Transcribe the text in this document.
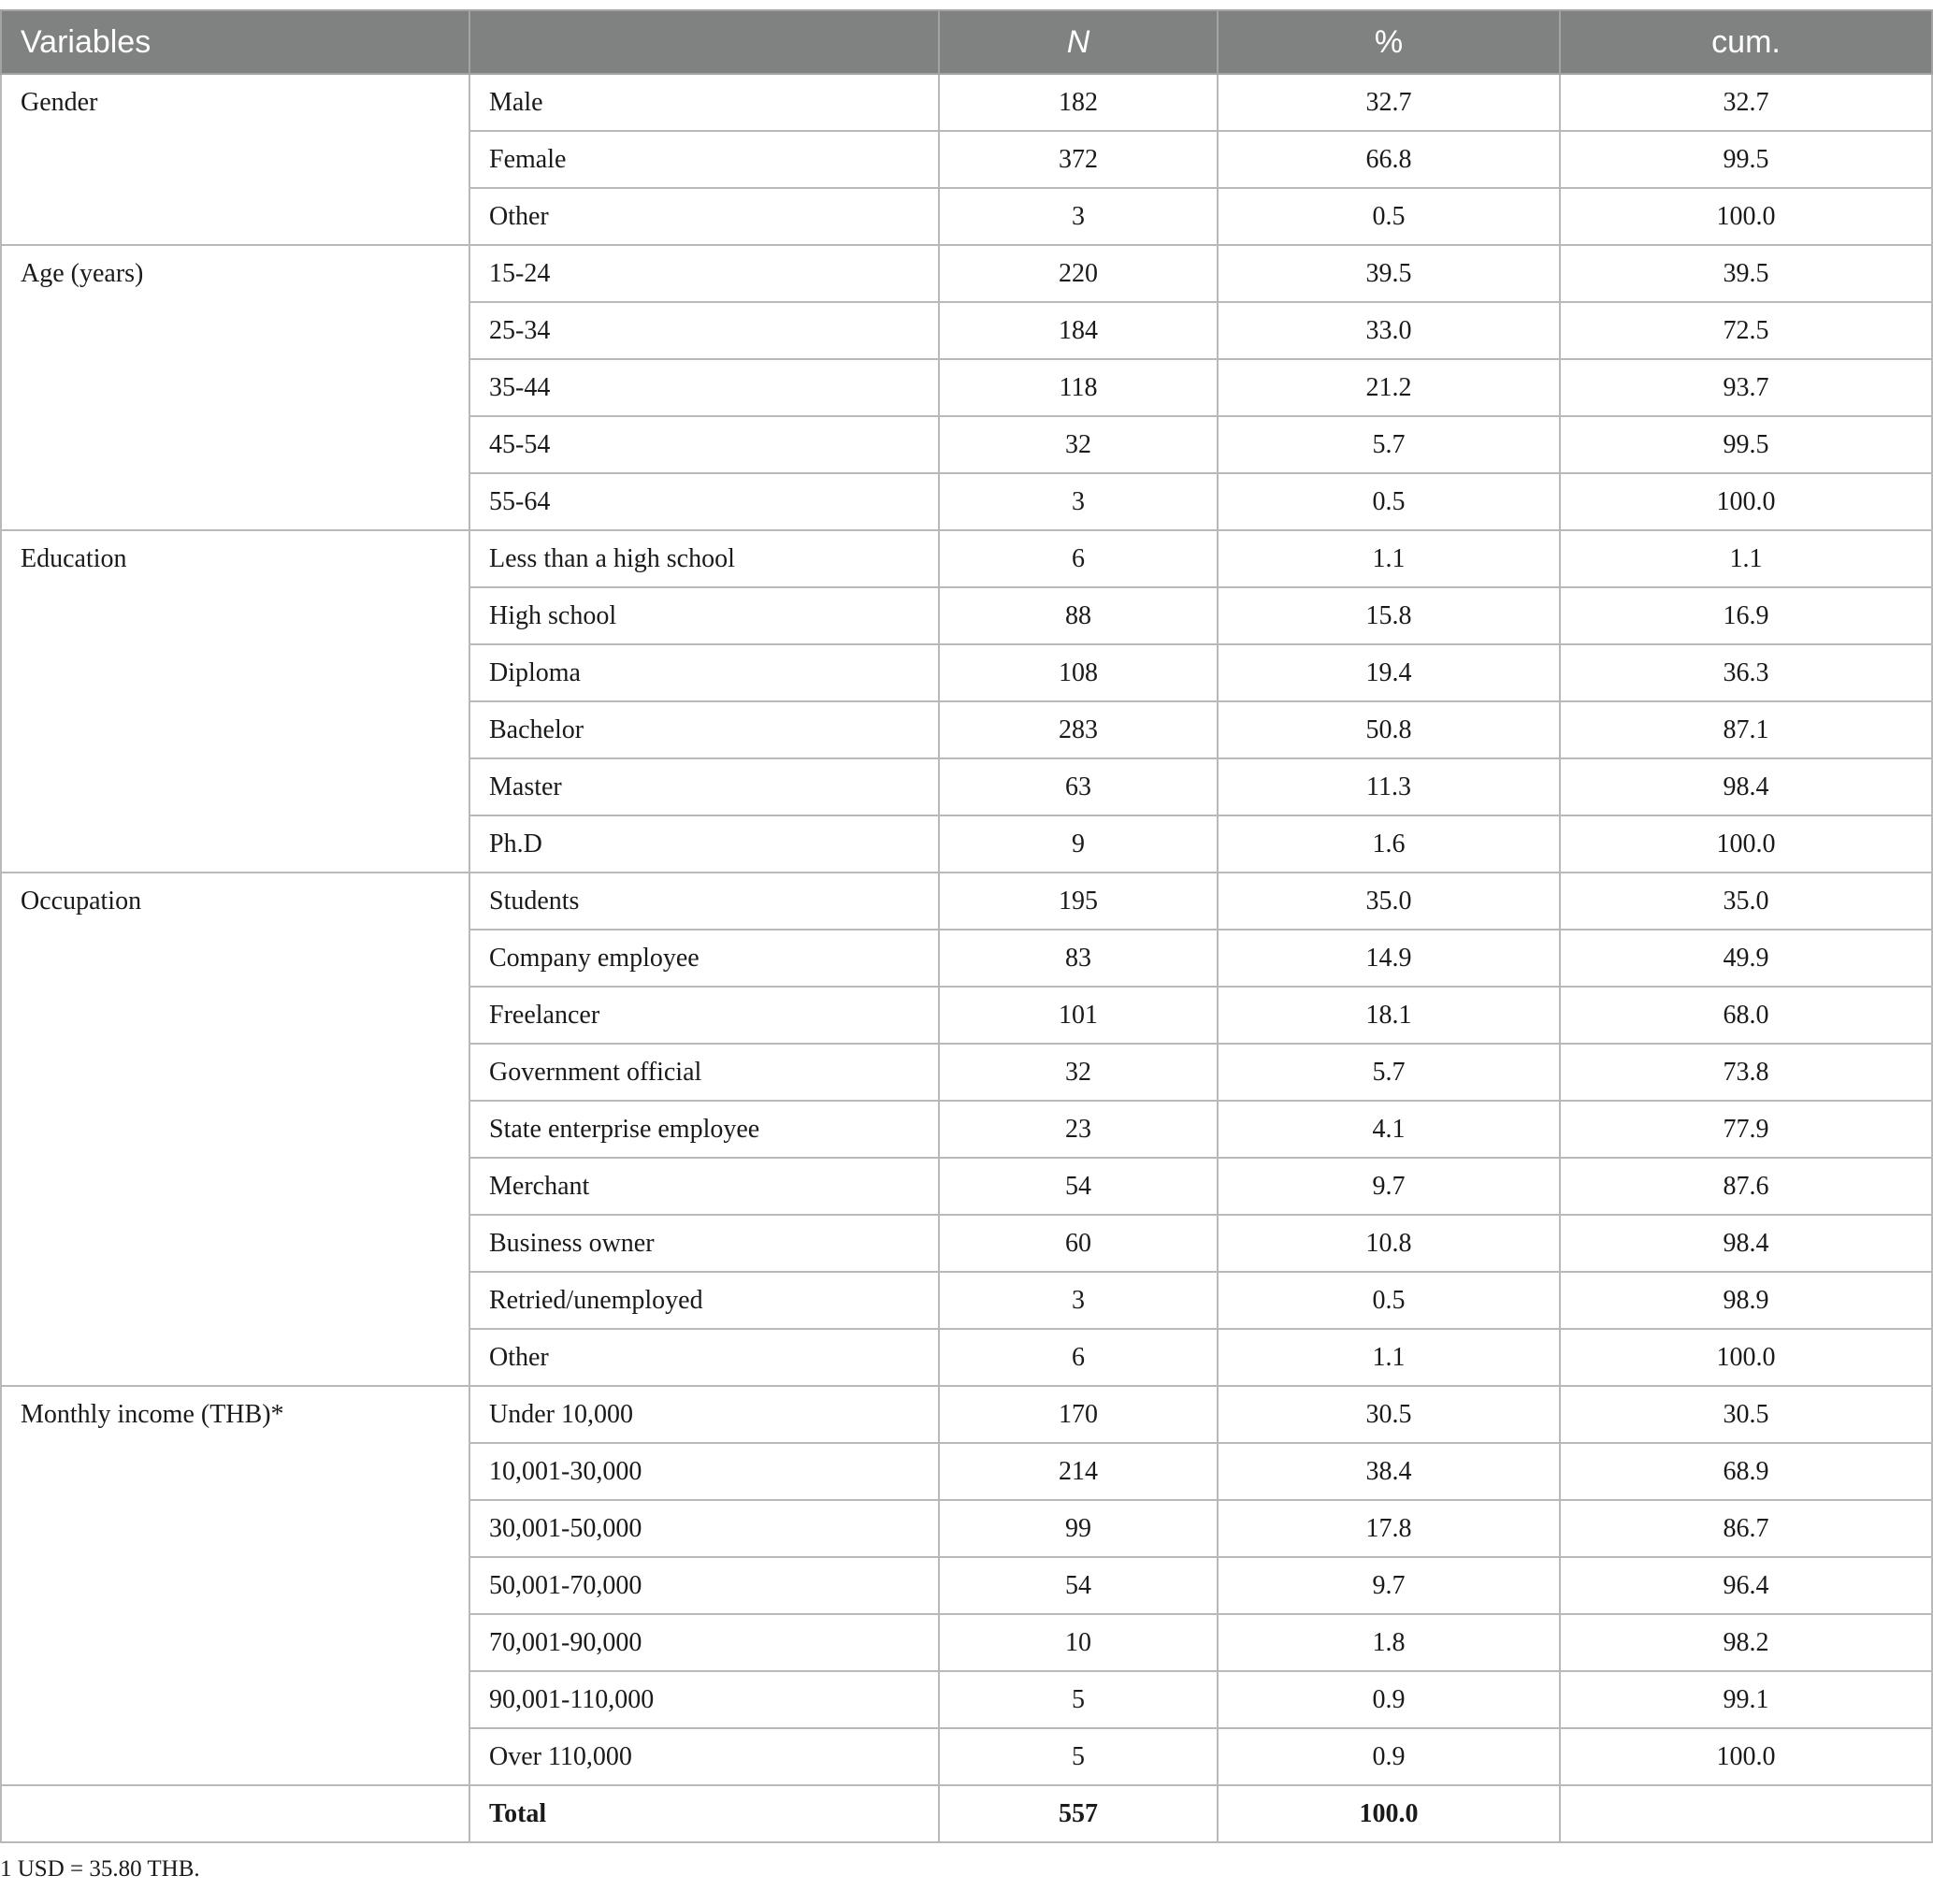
Variables		N	%	cum.
Gender	Male	182	32.7	32.7
	Female	372	66.8	99.5
	Other	3	0.5	100.0
Age (years)	15-24	220	39.5	39.5
	25-34	184	33.0	72.5
	35-44	118	21.2	93.7
	45-54	32	5.7	99.5
	55-64	3	0.5	100.0
Education	Less than a high school	6	1.1	1.1
	High school	88	15.8	16.9
	Diploma	108	19.4	36.3
	Bachelor	283	50.8	87.1
	Master	63	11.3	98.4
	Ph.D	9	1.6	100.0
Occupation	Students	195	35.0	35.0
	Company employee	83	14.9	49.9
	Freelancer	101	18.1	68.0
	Government official	32	5.7	73.8
	State enterprise employee	23	4.1	77.9
	Merchant	54	9.7	87.6
	Business owner	60	10.8	98.4
	Retried/unemployed	3	0.5	98.9
	Other	6	1.1	100.0
Monthly income (THB)*	Under 10,000	170	30.5	30.5
	10,001-30,000	214	38.4	68.9
	30,001-50,000	99	17.8	86.7
	50,001-70,000	54	9.7	96.4
	70,001-90,000	10	1.8	98.2
	90,001-110,000	5	0.9	99.1
	Over 110,000	5	0.9	100.0
	Total	557	100.0	
1 USD = 35.80 THB.
